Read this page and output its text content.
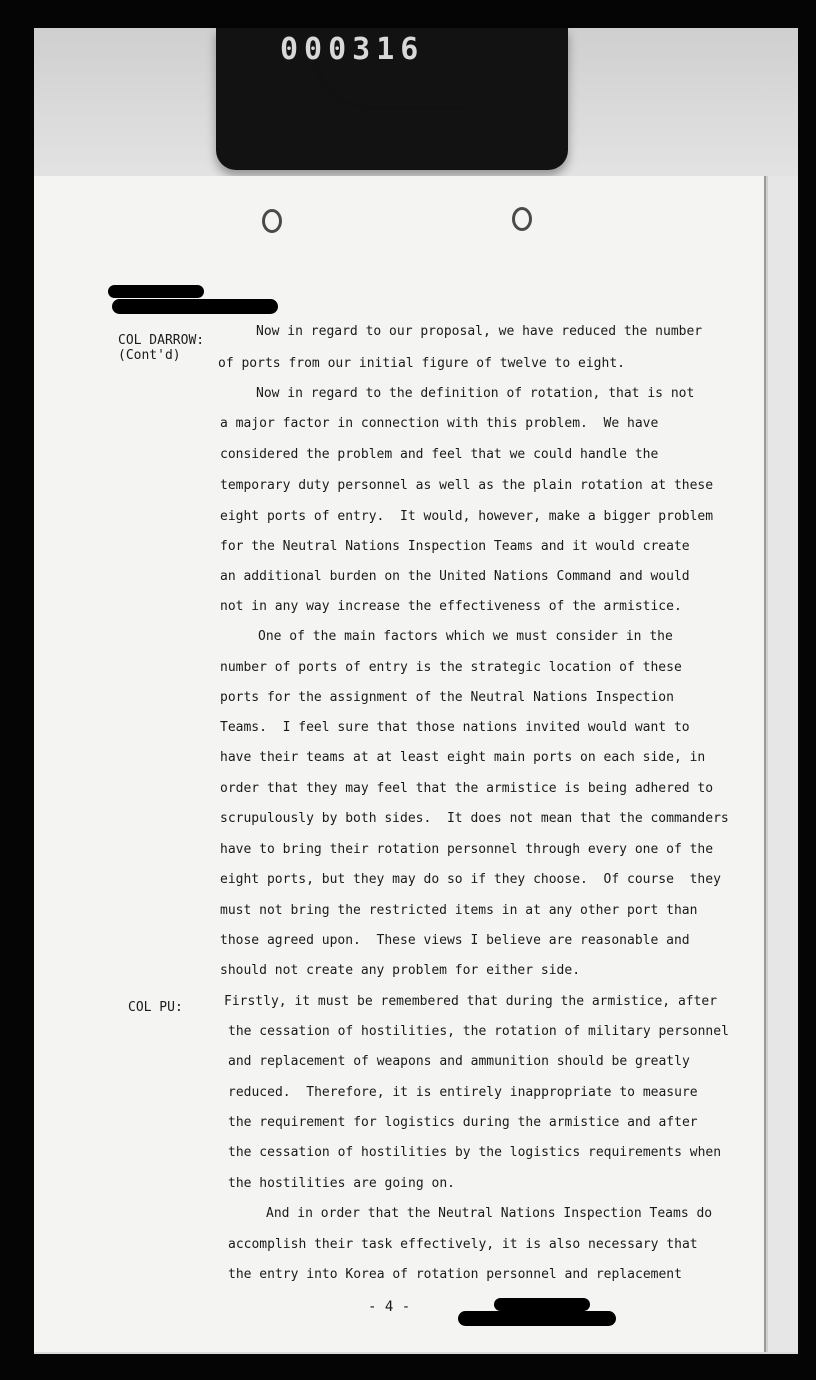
000316
COL DARROW:
(Cont'd)
COL PU:
Now in regard to our proposal, we have reduced the number
of ports from our initial figure of twelve to eight.
Now in regard to the definition of rotation, that is not
a major factor in connection with this problem.  We have
considered the problem and feel that we could handle the
temporary duty personnel as well as the plain rotation at these
eight ports of entry.  It would, however, make a bigger problem
for the Neutral Nations Inspection Teams and it would create
an additional burden on the United Nations Command and would
not in any way increase the effectiveness of the armistice.
One of the main factors which we must consider in the
number of ports of entry is the strategic location of these
ports for the assignment of the Neutral Nations Inspection
Teams.  I feel sure that those nations invited would want to
have their teams at at least eight main ports on each side, in
order that they may feel that the armistice is being adhered to
scrupulously by both sides.  It does not mean that the commanders
have to bring their rotation personnel through every one of the
eight ports, but they may do so if they choose.  Of course  they
must not bring the restricted items in at any other port than
those agreed upon.  These views I believe are reasonable and
should not create any problem for either side.
Firstly, it must be remembered that during the armistice, after
the cessation of hostilities, the rotation of military personnel
and replacement of weapons and ammunition should be greatly
reduced.  Therefore, it is entirely inappropriate to measure
the requirement for logistics during the armistice and after
the cessation of hostilities by the logistics requirements when
the hostilities are going on.
And in order that the Neutral Nations Inspection Teams do
accomplish their task effectively, it is also necessary that
the entry into Korea of rotation personnel and replacement
- 4 -
